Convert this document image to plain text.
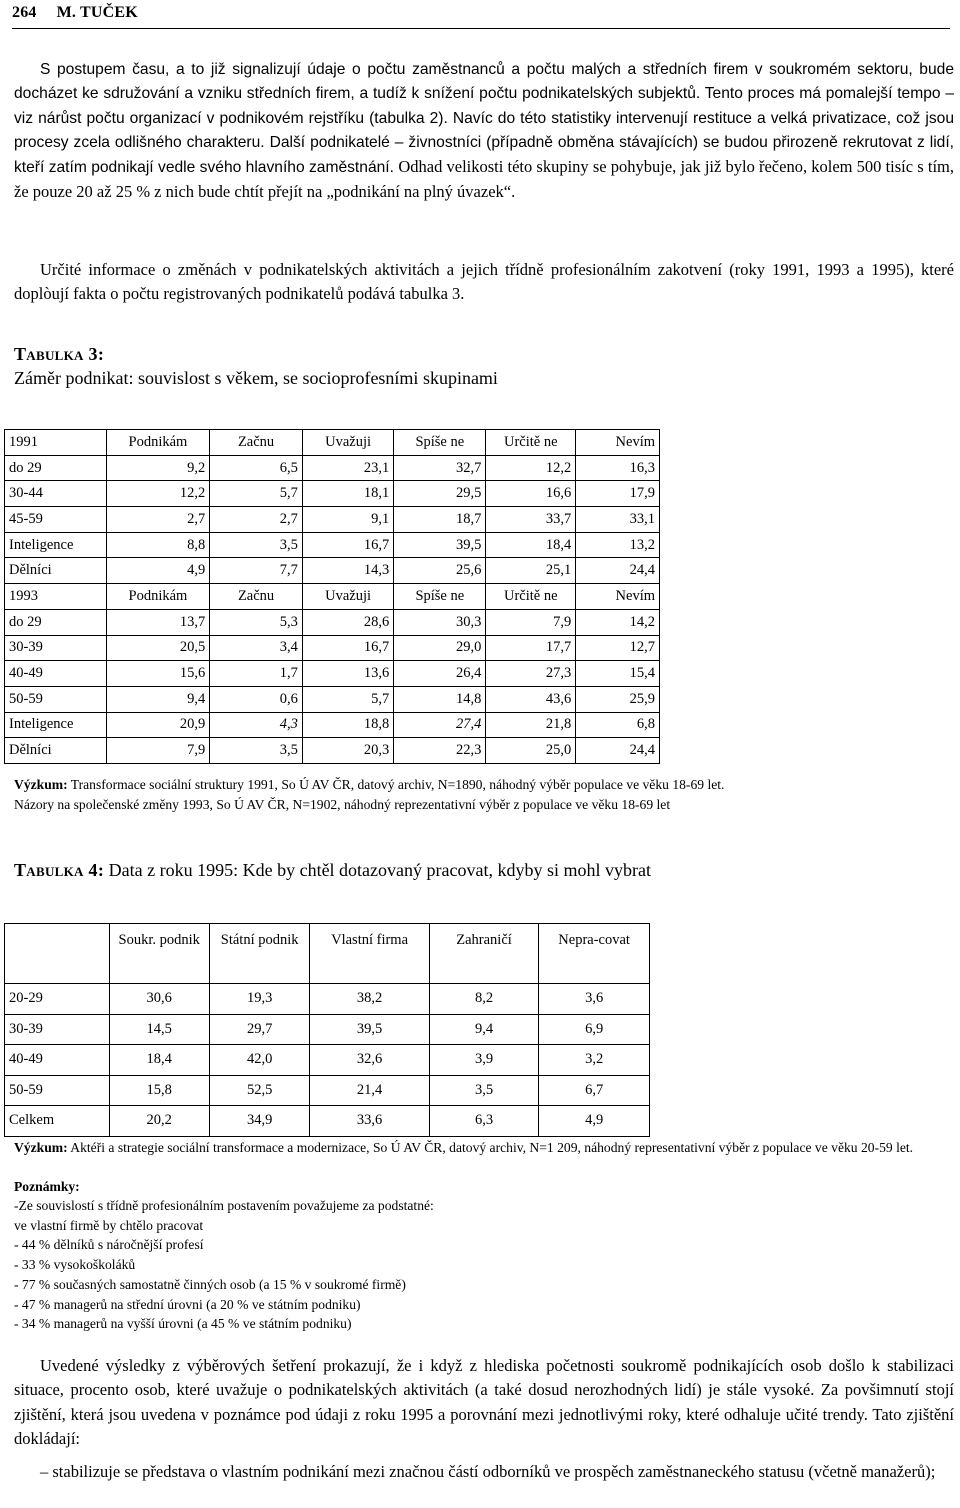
264 M. TUČEK

S postupem času, a to již signalizují údaje o počtu zaměstnanců a počtu malých a středních firem v soukromém sektoru, bude docházet ke sdružování a vzniku středních firem, a tudíž k snížení počtu podnikatelských subjektů. Tento proces má pomalejší tempo – viz nárůst počtu organizací v podnikovém rejstříku (tabulka 2). Navíc do této statistiky intervenují restituce a velká privatizace, což jsou procesy zcela odlišného charakteru. Další podnikatelé – živnostníci (případně obměna stávajících) se budou přirozeně rekrutovat z lidí, kteří zatím podnikají vedle svého hlavního zaměstnání. Odhad velikosti této skupiny se pohybuje, jak již bylo řečeno, kolem 500 tisíc s tím, že pouze 20 až 25 % z nich bude chtít přejít na „podnikání na plný úvazek“.

Určité informace o změnách v podnikatelských aktivitách a jejich třídně profesionálním zakotvení (roky 1991, 1993 a 1995), které doplòují fakta o počtu registrovaných podnikatelů podává tabulka 3.

Tabulka 3:

Záměr podnikat: souvislost s věkem, se socioprofesními skupinami

1991	Podnikám	Začnu	Uvažuji	Spíše ne	Určitě ne	Nevím
do 29	9,2	6,5	23,1	32,7	12,2	16,3
30-44	12,2	5,7	18,1	29,5	16,6	17,9
45-59	2,7	2,7	9,1	18,7	33,7	33,1
Inteligence	8,8	3,5	16,7	39,5	18,4	13,2
Dělníci	4,9	7,7	14,3	25,6	25,1	24,4
1993	Podnikám	Začnu	Uvažuji	Spíše ne	Určitě ne	Nevím
do 29	13,7	5,3	28,6	30,3	7,9	14,2
30-39	20,5	3,4	16,7	29,0	17,7	12,7
40-49	15,6	1,7	13,6	26,4	27,3	15,4
50-59	9,4	0,6	5,7	14,8	43,6	25,9
Inteligence	20,9	4,3	18,8	27,4	21,8	6,8
Dělníci	7,9	3,5	20,3	22,3	25,0	24,4

Výzkum: Transformace sociální struktury 1991, So Ú AV ČR, datový archiv, N=1890, náhodný výběr populace ve věku 18-69 let.
Názory na společenské změny 1993, So Ú AV ČR, N=1902, náhodný reprezentativní výběr z populace ve věku 18-69 let

Tabulka 4: Data z roku 1995: Kde by chtěl dotazovaný pracovat, kdyby si mohl vybrat

	Soukr. podnik	Státní podnik	Vlastní firma	Zahraničí	Nepra-covat
20-29	30,6	19,3	38,2	8,2	3,6
30-39	14,5	29,7	39,5	9,4	6,9
40-49	18,4	42,0	32,6	3,9	3,2
50-59	15,8	52,5	21,4	3,5	6,7
Celkem	20,2	34,9	33,6	6,3	4,9

Výzkum: Aktéři a strategie sociální transformace a modernizace, So Ú AV ČR, datový archiv, N=1 209, náhodný representativní výběr z populace ve věku 20-59 let.

Poznámky:

-Ze souvislostí s třídně profesionálním postavením považujeme za podstatné:
ve vlastní firmě by chtělo pracovat
- 44 % dělníků s náročnější profesí
- 33 % vysokoškoláků
- 77 % současných samostatně činných osob (a 15 % v soukromé firmě)
- 47 % managerů na střední úrovni (a 20 % ve státním podniku)
- 34 % managerů na vyšší úrovni (a 45 % ve státním podniku)

Uvedené výsledky z výběrových šetření prokazují, že i když z hlediska početnosti soukromě podnikajících osob došlo k stabilizaci situace, procento osob, které uvažuje o podnikatelských aktivitách (a také dosud nerozhodných lidí) je stále vysoké. Za povšimnutí stojí zjištění, která jsou uvedena v poznámce pod údaji z roku 1995 a porovnání mezi jednotlivými roky, které odhaluje učité trendy. Tato zjištění dokládají:

– stabilizuje se představa o vlastním podnikání mezi značnou částí odborníků ve prospěch zaměstnaneckého statusu (včetně manažerů);
